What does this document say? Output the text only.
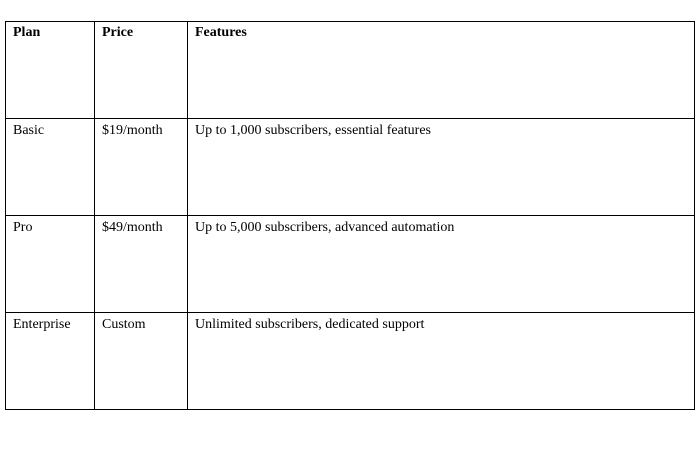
Plan	Price	Features
Basic	$19/month	Up to 1,000 subscribers, essential features
Pro	$49/month	Up to 5,000 subscribers, advanced automation
Enterprise	Custom	Unlimited subscribers, dedicated support
